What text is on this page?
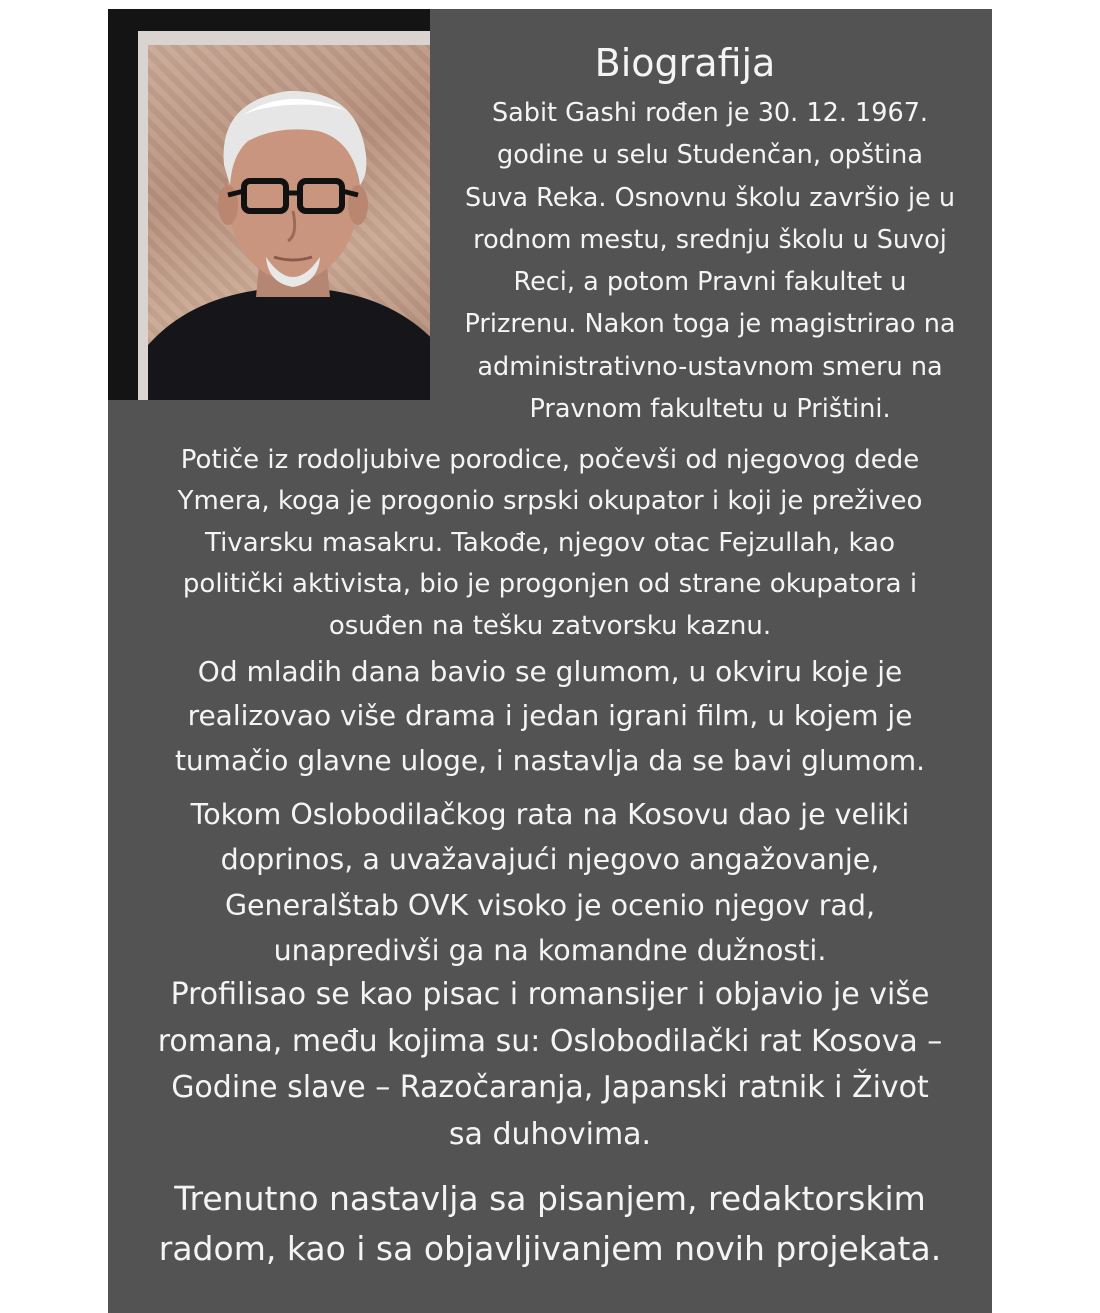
Biografija

Sabit Gashi rođen je 30. 12. 1967.
godine u selu Studenčan, opština
Suva Reka. Osnovnu školu završio je u
rodnom mestu, srednju školu u Suvoj
Reci, a potom Pravni fakultet u
Prizrenu. Nakon toga je magistrirao na
administrativno-ustavnom smeru na
Pravnom fakultetu u Prištini.

Potiče iz rodoljubive porodice, počevši od njegovog dede
Ymera, koga je progonio srpski okupator i koji je preživeo
Tivarsku masakru. Takođe, njegov otac Fejzullah, kao
politički aktivista, bio je progonjen od strane okupatora i
osuđen na tešku zatvorsku kaznu.

Od mladih dana bavio se glumom, u okviru koje je
realizovao više drama i jedan igrani film, u kojem je
tumačio glavne uloge, i nastavlja da se bavi glumom.

Tokom Oslobodilačkog rata na Kosovu dao je veliki
doprinos, a uvažavajući njegovo angažovanje,
Generalštab OVK visoko je ocenio njegov rad,
unapredivši ga na komandne dužnosti.

Profilisao se kao pisac i romansijer i objavio je više
romana, među kojima su: Oslobodilački rat Kosova –
Godine slave – Razočaranja, Japanski ratnik i Život
sa duhovima.

Trenutno nastavlja sa pisanjem, redaktorskim
radom, kao i sa objavljivanjem novih projekata.
